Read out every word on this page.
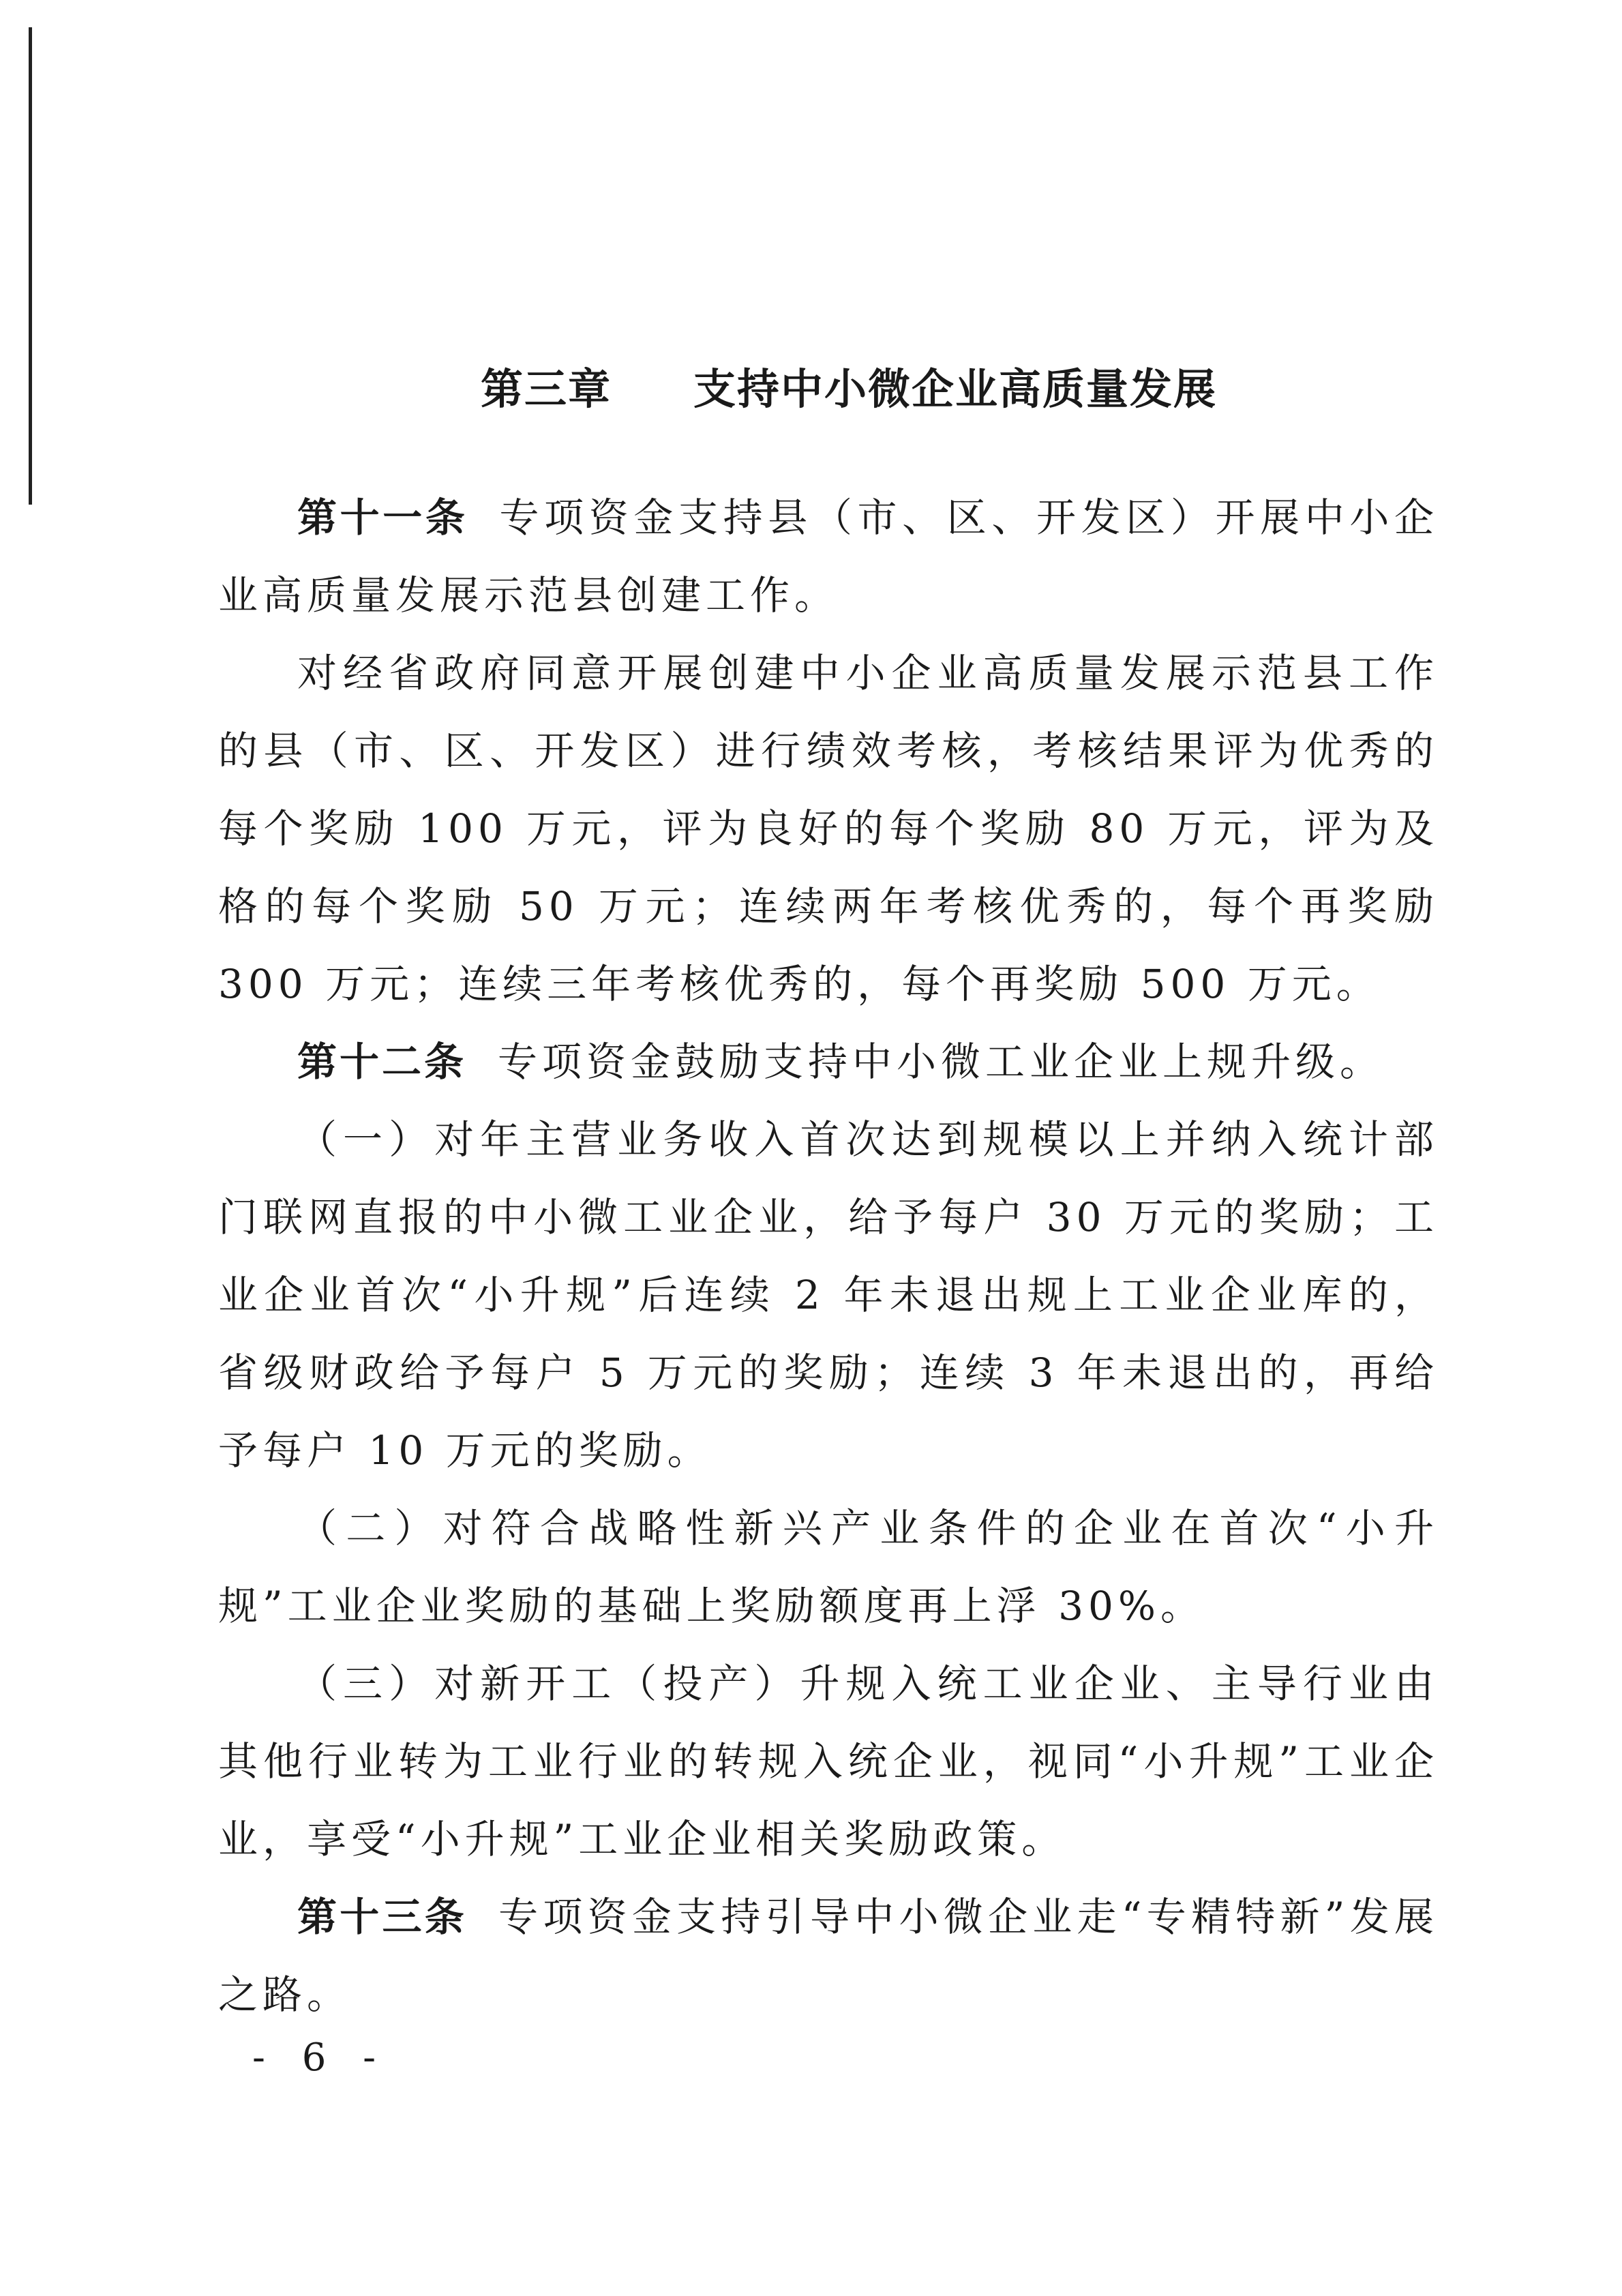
第三章 支持中小微企业高质量发展

第十一条 专项资金支持县（市、区、开发区）开展中小企业高质量发展示范县创建工作。

对经省政府同意开展创建中小企业高质量发展示范县工作的县（市、区、开发区）进行绩效考核，考核结果评为优秀的每个奖励 100 万元，评为良好的每个奖励 80 万元，评为及格的每个奖励 50 万元；连续两年考核优秀的，每个再奖励 300 万元；连续三年考核优秀的，每个再奖励 500 万元。

第十二条 专项资金鼓励支持中小微工业企业上规升级。

（一）对年主营业务收入首次达到规模以上并纳入统计部门联网直报的中小微工业企业，给予每户 30 万元的奖励；工业企业首次“小升规”后连续 2 年未退出规上工业企业库的，省级财政给予每户 5 万元的奖励；连续 3 年未退出的，再给予每户 10 万元的奖励。

（二）对符合战略性新兴产业条件的企业在首次“小升规”工业企业奖励的基础上奖励额度再上浮 30%。

（三）对新开工（投产）升规入统工业企业、主导行业由其他行业转为工业行业的转规入统企业，视同“小升规”工业企业，享受“小升规”工业企业相关奖励政策。

第十三条 专项资金支持引导中小微企业走“专精特新”发展之路。

- 6 -
